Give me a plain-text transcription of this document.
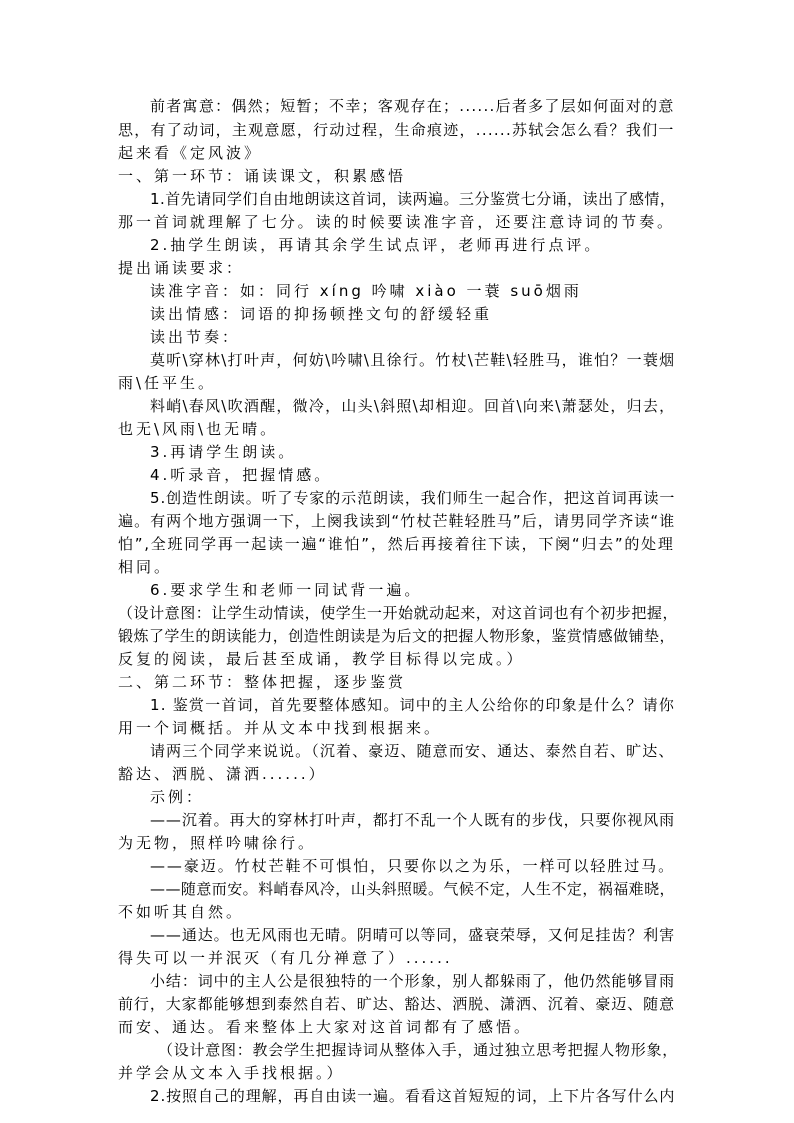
前者寓意：偶然；短暂；不幸；客观存在；......后者多了层如何面对的意
思，有了动词，主观意愿，行动过程，生命痕迹，......苏轼会怎么看？我们一
起来看《定风波》
一、第一环节：诵读课文，积累感悟
1.首先请同学们自由地朗读这首词，读两遍。三分鉴赏七分诵，读出了感情，
那一首词就理解了七分。读的时候要读准字音，还要注意诗词的节奏。
2.抽学生朗读，再请其余学生试点评，老师再进行点评。
提出诵读要求：
读准字音：如：同行 xíng 吟啸 xiào 一蓑 suō烟雨
读出情感：词语的抑扬顿挫文句的舒缓轻重
读出节奏：
莫听\穿林\打叶声，何妨\吟啸\且徐行。竹杖\芒鞋\轻胜马，谁怕？一蓑烟
雨\任平生。
料峭\春风\吹酒醒，微冷，山头\斜照\却相迎。回首\向来\萧瑟处，归去，
也无\风雨\也无晴。
3.再请学生朗读。
4.听录音，把握情感。
5.创造性朗读。听了专家的示范朗读，我们师生一起合作，把这首词再读一
遍。有两个地方强调一下，上阕我读到“竹杖芒鞋轻胜马”后，请男同学齐读“谁
怕”,全班同学再一起读一遍“谁怕”，然后再接着往下读，下阕“归去”的处理
相同。
6.要求学生和老师一同试背一遍。
（设计意图：让学生动情读，使学生一开始就动起来，对这首词也有个初步把握，
锻炼了学生的朗读能力，创造性朗读是为后文的把握人物形象，鉴赏情感做铺垫，
反复的阅读，最后甚至成诵，教学目标得以完成。）
二、第二环节：整体把握，逐步鉴赏
1. 鉴赏一首词，首先要整体感知。词中的主人公给你的印象是什么？请你
用一个词概括。并从文本中找到根据来。
请两三个同学来说说。（沉着、豪迈、随意而安、通达、泰然自若、旷达、
豁达、洒脱、潇洒......）
示例：
——沉着。再大的穿林打叶声，都打不乱一个人既有的步伐，只要你视风雨
为无物，照样吟啸徐行。
——豪迈。竹杖芒鞋不可惧怕，只要你以之为乐，一样可以轻胜过马。
——随意而安。料峭春风冷，山头斜照暖。气候不定，人生不定，祸福难晓，
不如听其自然。
——通达。也无风雨也无晴。阴晴可以等同，盛衰荣辱，又何足挂齿？利害
得失可以一并泯灭（有几分禅意了）......
小结：词中的主人公是很独特的一个形象，别人都躲雨了，他仍然能够冒雨
前行，大家都能够想到泰然自若、旷达、豁达、洒脱、潇洒、沉着、豪迈、随意
而安、通达。看来整体上大家对这首词都有了感悟。
（设计意图：教会学生把握诗词从整体入手，通过独立思考把握人物形象，
并学会从文本入手找根据。）
2.按照自己的理解，再自由读一遍。看看这首短短的词，上下片各写什么内
